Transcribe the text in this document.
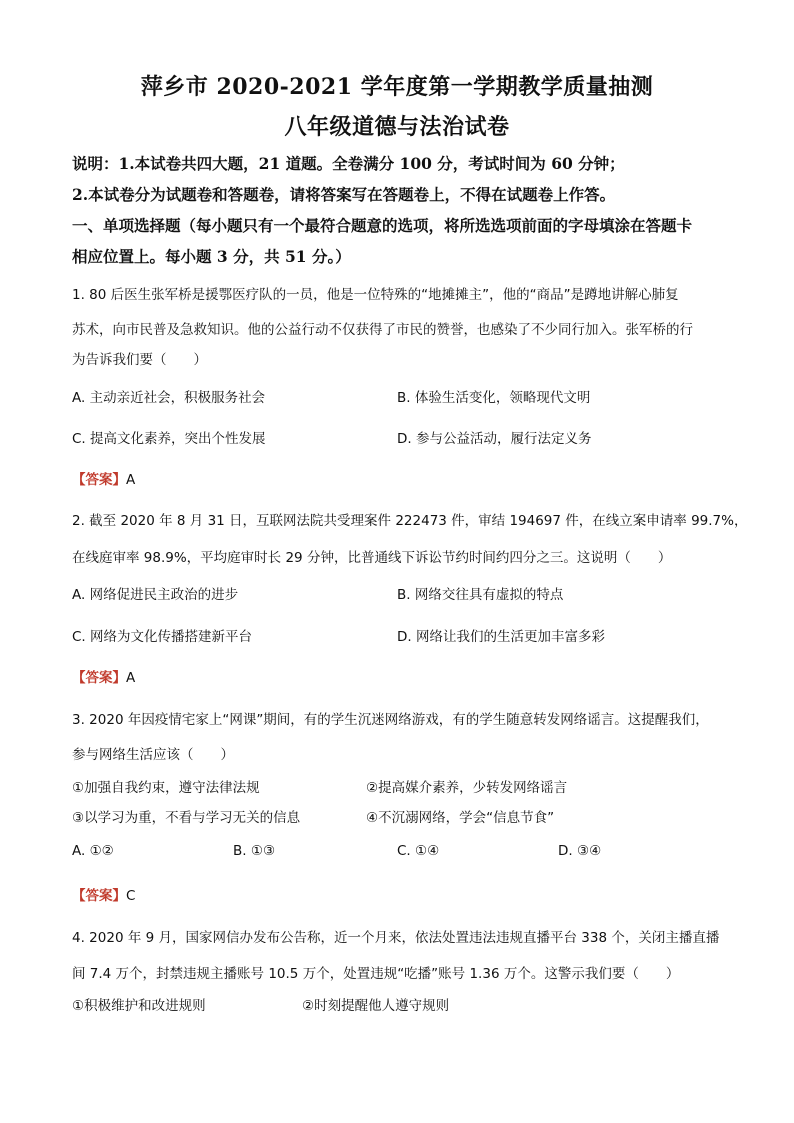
萍乡市 2020-2021 学年度第一学期教学质量抽测
八年级道德与法治试卷
说明：1.本试卷共四大题，21 道题。全卷满分 100 分，考试时间为 60 分钟；
2.本试卷分为试题卷和答题卷，请将答案写在答题卷上，不得在试题卷上作答。
一、单项选择题（每小题只有一个最符合题意的选项，将所选选项前面的字母填涂在答题卡
相应位置上。每小题 3 分，共 51 分。）
1. 80 后医生张军桥是援鄂医疗队的一员，他是一位特殊的“地摊摊主”，他的“商品”是蹲地讲解心肺复
苏术，向市民普及急救知识。他的公益行动不仅获得了市民的赞誉，也感染了不少同行加入。张军桥的行
为告诉我们要（　　）
A. 主动亲近社会，积极服务社会	B. 体验生活变化，领略现代文明
C. 提高文化素养，突出个性发展	D. 参与公益活动，履行法定义务
【答案】A
2. 截至 2020 年 8 月 31 日，互联网法院共受理案件 222473 件，审结 194697 件，在线立案申请率 99.7%，
在线庭审率 98.9%，平均庭审时长 29 分钟，比普通线下诉讼节约时间约四分之三。这说明（　　）
A. 网络促进民主政治的进步	B. 网络交往具有虚拟的特点
C. 网络为文化传播搭建新平台	D. 网络让我们的生活更加丰富多彩
【答案】A
3. 2020 年因疫情宅家上“网课”期间，有的学生沉迷网络游戏，有的学生随意转发网络谣言。这提醒我们，
参与网络生活应该（　　）
①加强自我约束，遵守法律法规	②提高媒介素养，少转发网络谣言
③以学习为重，不看与学习无关的信息	④不沉溺网络，学会“信息节食”
A. ①②	B. ①③	C. ①④	D. ③④
【答案】C
4. 2020 年 9 月，国家网信办发布公告称，近一个月来，依法处置违法违规直播平台 338 个，关闭主播直播
间 7.4 万个，封禁违规主播账号 10.5 万个，处置违规“吃播”账号 1.36 万个。这警示我们要（　　）
①积极维护和改进规则	②时刻提醒他人遵守规则
